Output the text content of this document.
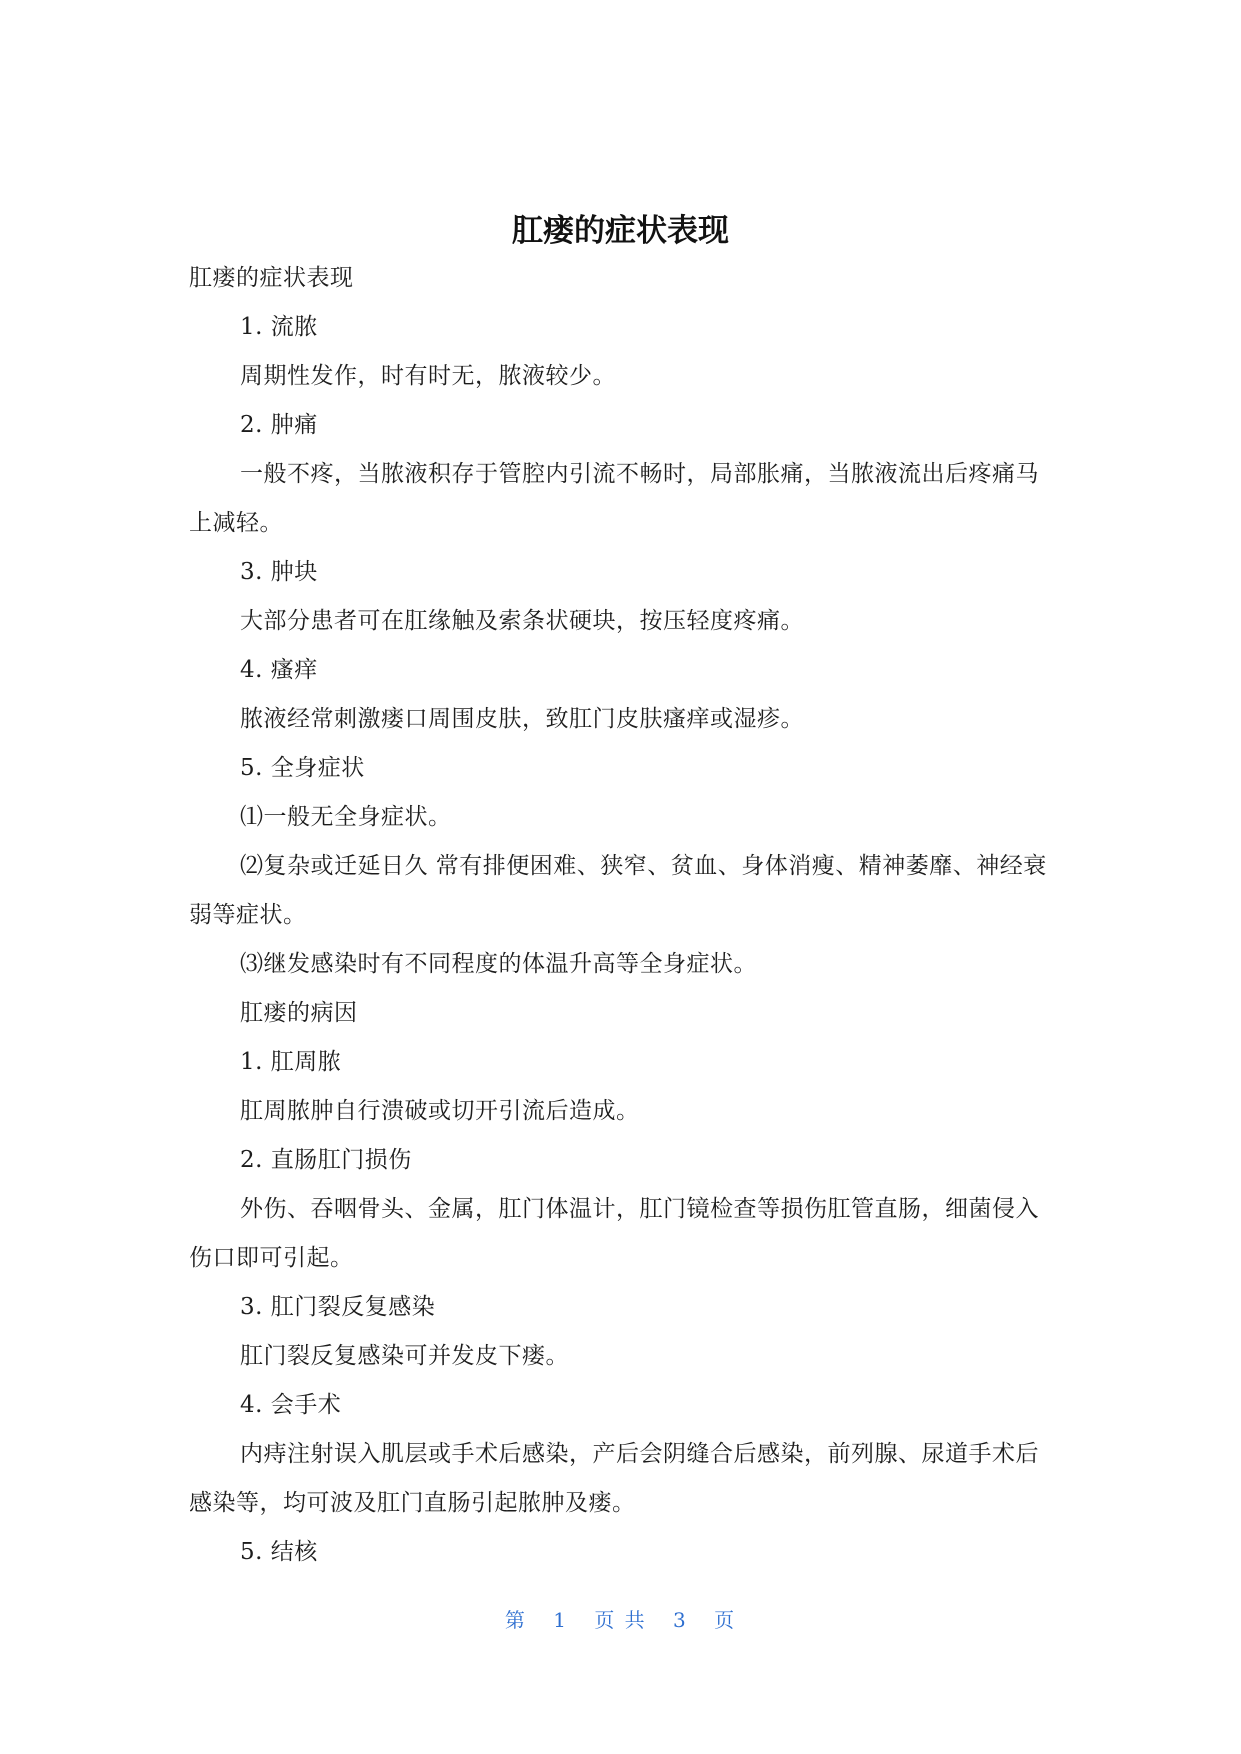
肛瘘的症状表现

肛瘘的症状表现

1. 流脓

周期性发作，时有时无，脓液较少。

2. 肿痛

一般不疼，当脓液积存于管腔内引流不畅时，局部胀痛，当脓液流出后疼痛马上减轻。

3. 肿块

大部分患者可在肛缘触及索条状硬块，按压轻度疼痛。

4. 瘙痒

脓液经常刺激瘘口周围皮肤，致肛门皮肤瘙痒或湿疹。

5. 全身症状

⑴一般无全身症状。

⑵复杂或迁延日久 常有排便困难、狭窄、贫血、身体消瘦、精神萎靡、神经衰弱等症状。

⑶继发感染时有不同程度的体温升高等全身症状。

肛瘘的病因

1. 肛周脓

肛周脓肿自行溃破或切开引流后造成。

2. 直肠肛门损伤

外伤、吞咽骨头、金属，肛门体温计，肛门镜检查等损伤肛管直肠，细菌侵入伤口即可引起。

3. 肛门裂反复感染

肛门裂反复感染可并发皮下瘘。

4. 会手术

内痔注射误入肌层或手术后感染，产后会阴缝合后感染，前列腺、尿道手术后感染等，均可波及肛门直肠引起脓肿及瘘。

5. 结核

第 1 页 共 3 页
